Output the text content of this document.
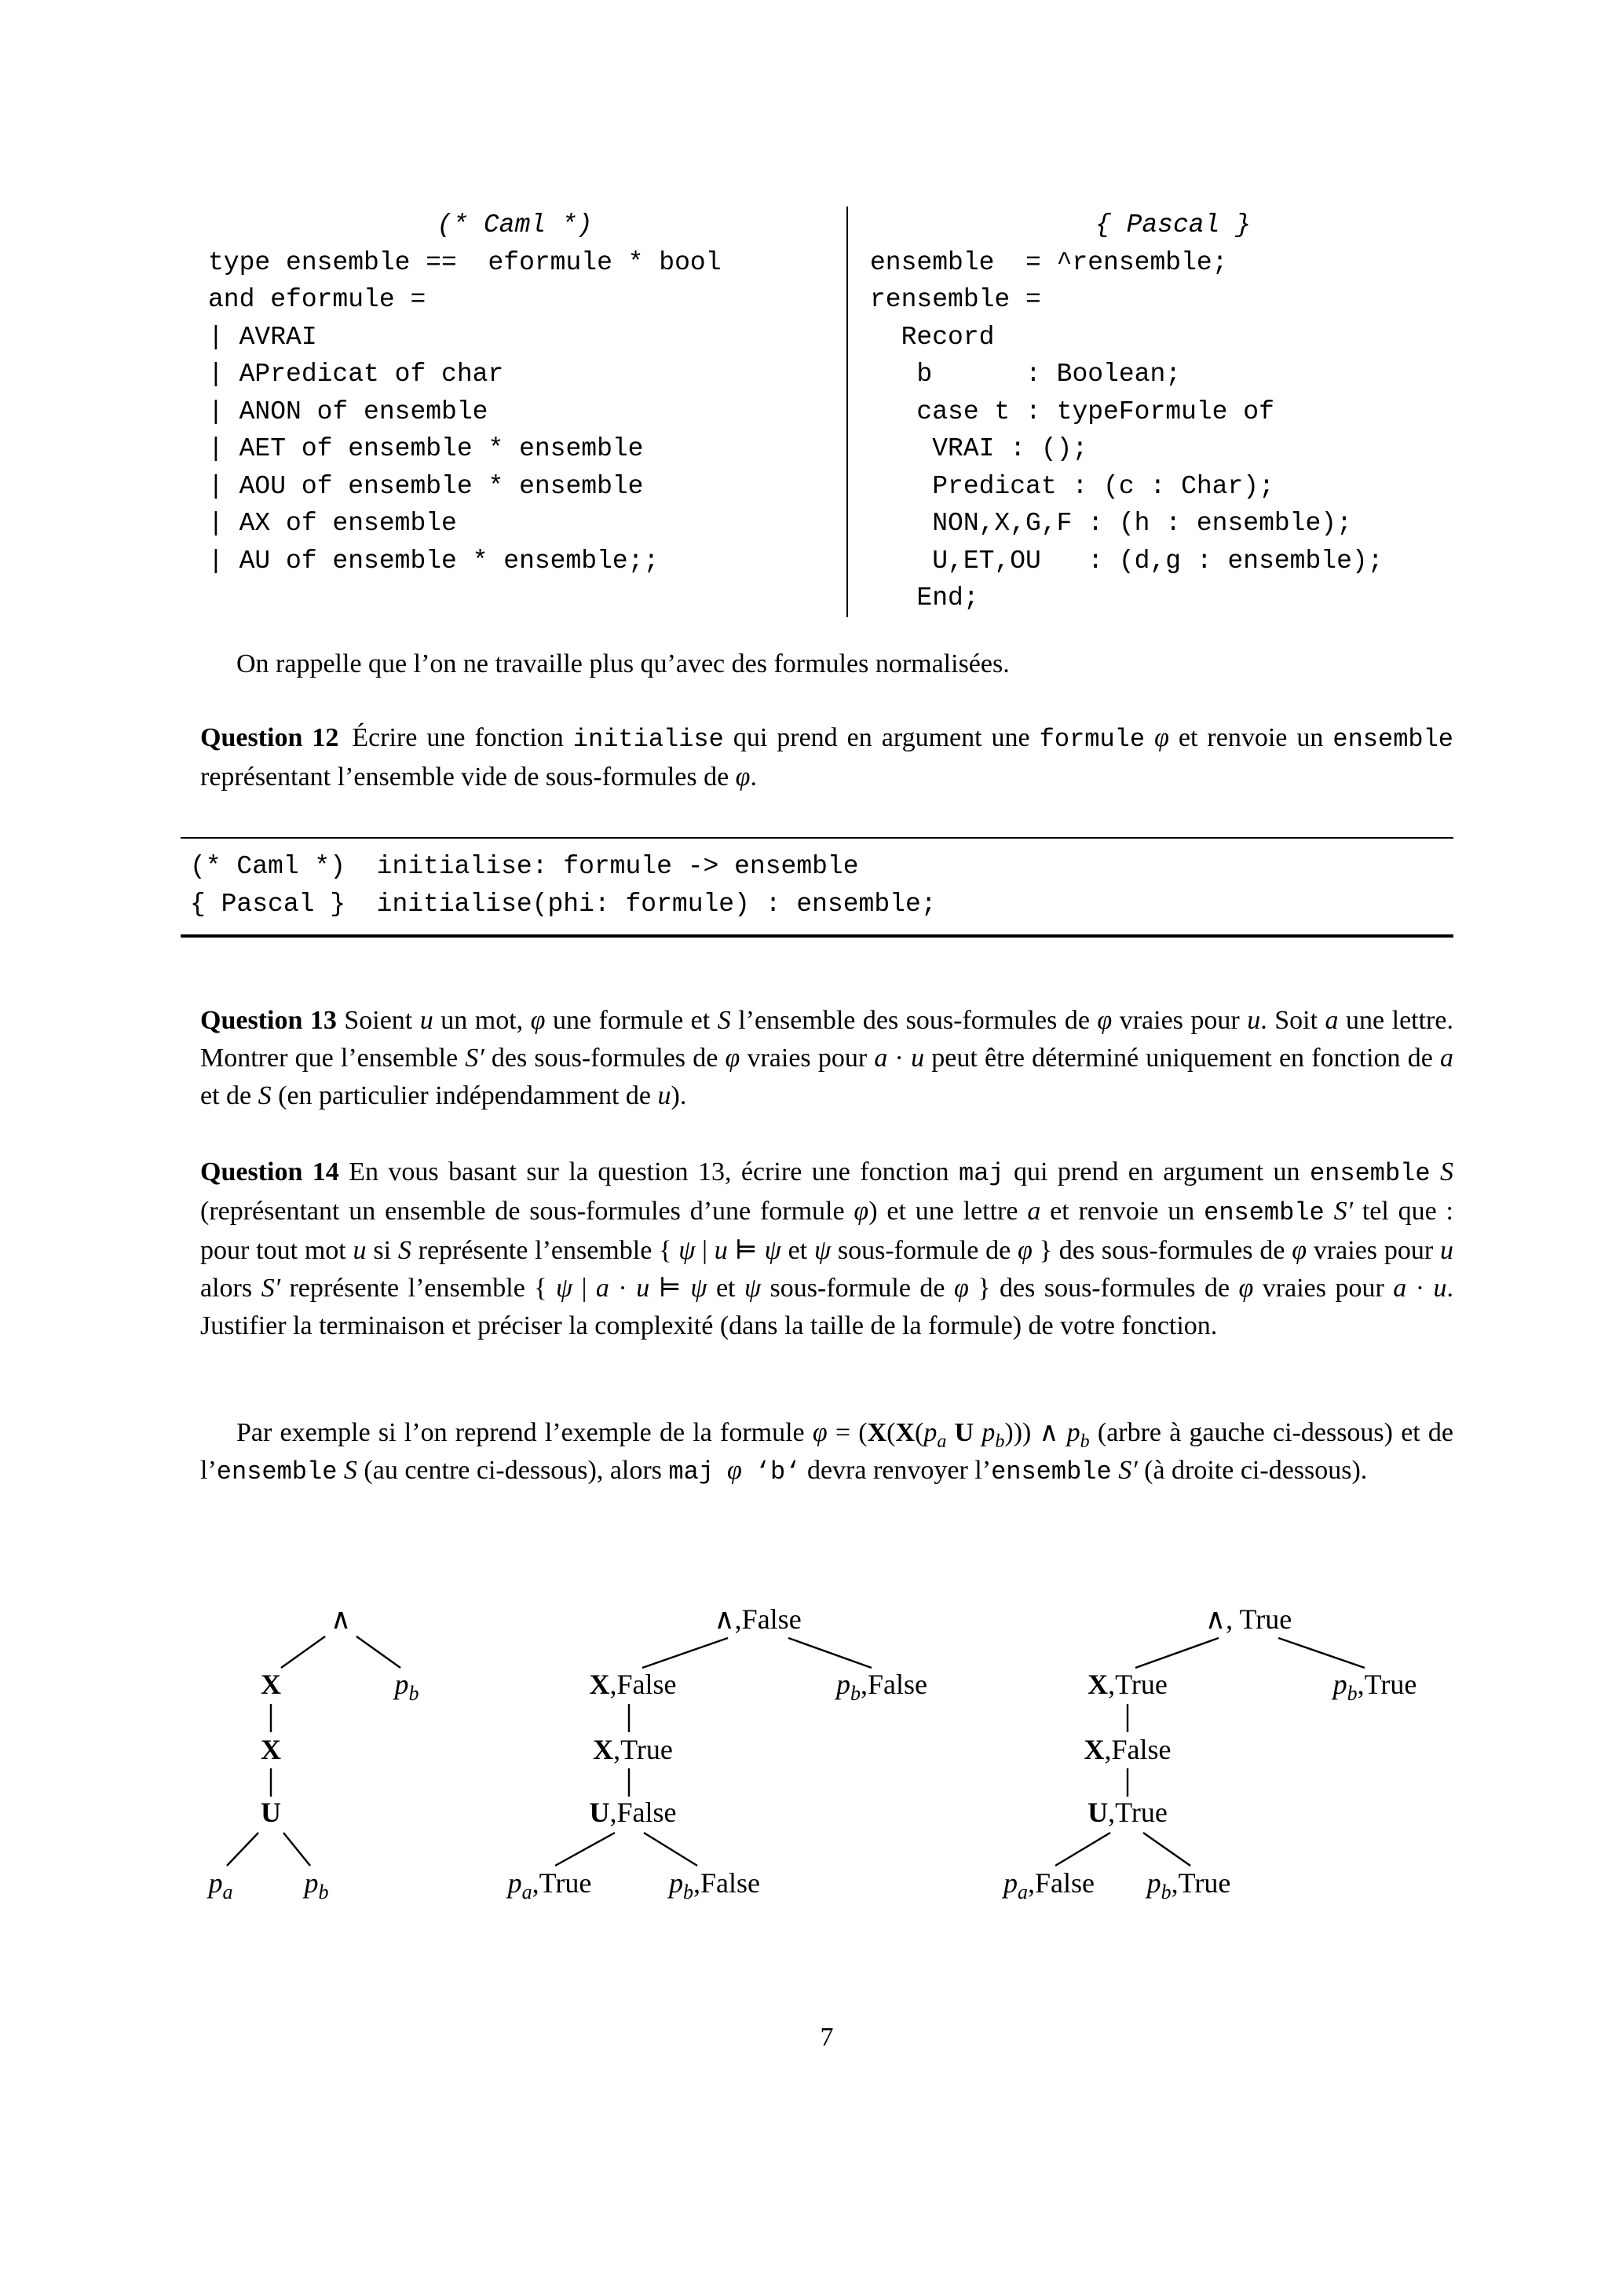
(* Caml *)
type ensemble ==  eformule * bool
and eformule =
| AVRAI
| APredicat of char
| ANON of ensemble
| AET of ensemble * ensemble
| AOU of ensemble * ensemble
| AX of ensemble
| AU of ensemble * ensemble;;
{ Pascal }
ensemble  = ^rensemble;
rensemble =
Record
b      : Boolean;
case t : typeFormule of
VRAI : ();
Predicat : (c : Char);
NON,X,G,F : (h : ensemble);
U,ET,OU   : (d,g : ensemble);
End;

On rappelle que l’on ne travaille plus qu’avec des formules normalisées.

Question 12 Écrire une fonction initialise qui prend en argument une formule φ et renvoie un ensemble représentant l’ensemble vide de sous-formules de φ.

(* Caml *)  initialise: formule -> ensemble
{ Pascal }  initialise(phi: formule) : ensemble;

Question 13 Soient u un mot, φ une formule et S l’ensemble des sous-formules de φ vraies pour u. Soit a une lettre. Montrer que l’ensemble S′ des sous-formules de φ vraies pour a · u peut être déterminé uniquement en fonction de a et de S (en particulier indépendamment de u).

Question 14 En vous basant sur la question 13, écrire une fonction maj qui prend en argument un ensemble S (représentant un ensemble de sous-formules d’une formule φ) et une lettre a et renvoie un ensemble S′ tel que : pour tout mot u si S représente l’ensemble { ψ | u ⊨ ψ et ψ sous-formule de φ } des sous-formules de φ vraies pour u alors S′ représente l’ensemble { ψ | a · u ⊨ ψ et ψ sous-formule de φ } des sous-formules de φ vraies pour a · u. Justifier la terminaison et préciser la complexité (dans la taille de la formule) de votre fonction.

Par exemple si l’on reprend l’exemple de la formule $\varphi = (X(X(p_a$ U $p_b$))) ∧ $p_b$ (arbre à gauche ci-dessous) et de l’ensemble S (au centre ci-dessous), alors maj  φ  ‘b‘ devra renvoyer l’ensemble S′ (à droite ci-dessous).

∧
X	$p_b$
X
U
$p_a$	$p_b$
∧,False
X,False	$p_b,False$
X,True
U,False
$p_a,True$	$p_b,False$
∧, True
X,True	$p_b,True$
X,False
U,True
$p_a,False$ $p_b,True$
7
